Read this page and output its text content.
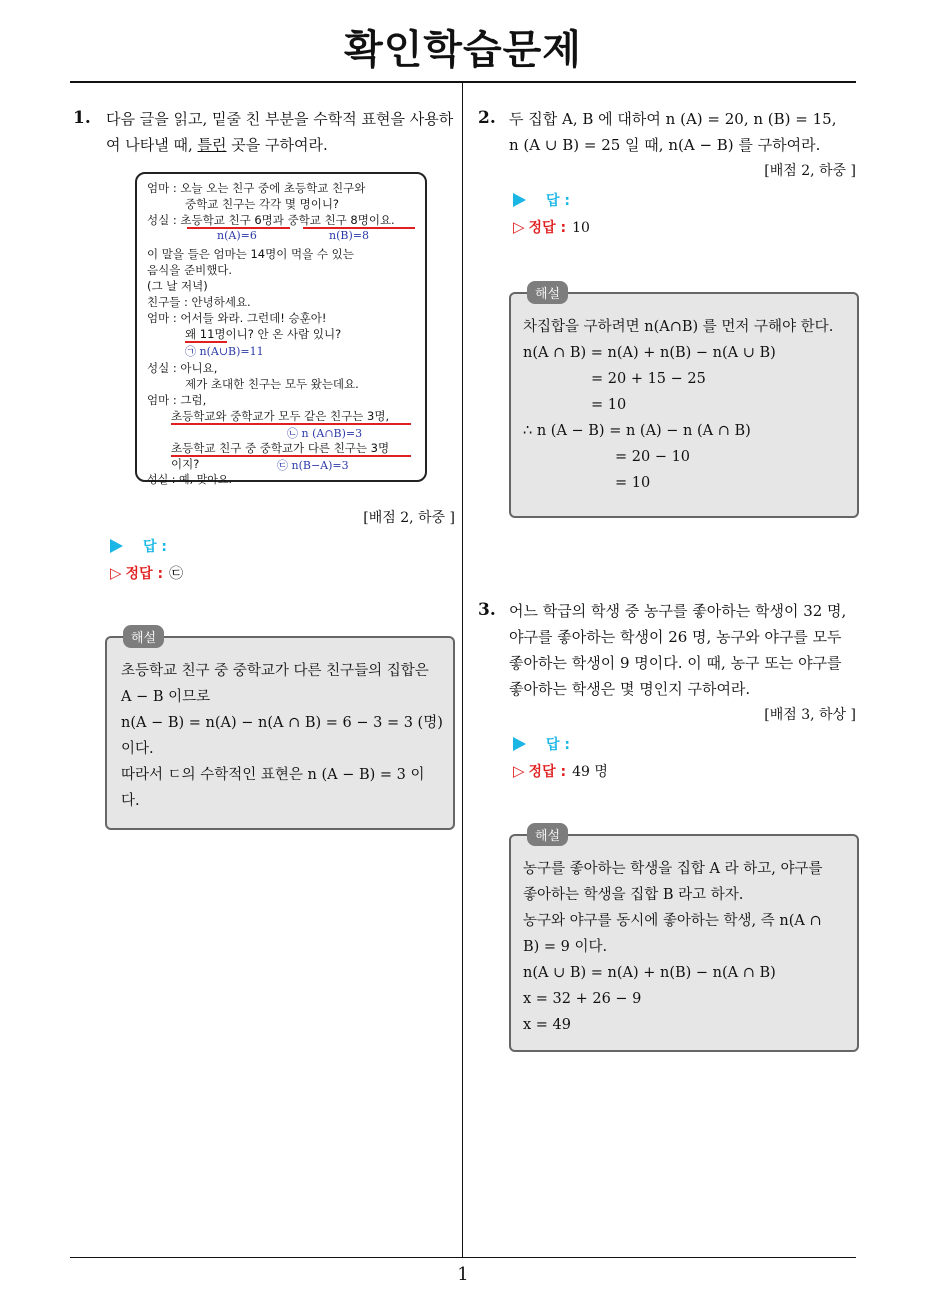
확인학습문제
1
1. 다음 글을 읽고, 밑줄 친 부분을 수학적 표현을 사용하
여 나타낼 때, 틀린 곳을 구하여라.
엄마 : 오늘 오는 친구 중에 초등학교 친구와
중학교 친구는 각각 몇 명이니?
성실 : 초등학교 친구 6명과 중학교 친구 8명이요.
n(A)=6	n(B)=8
이 말을 들은 엄마는 14명이 먹을 수 있는
음식을 준비했다.
(그 날 저녁)
친구들 : 안녕하세요.
엄마 : 어서들 와라. 그런데! 승훈아!
왜 11명이니? 안 온 사람 있니?
㉠ n(A∪B)=11
성실 : 아니요,
제가 초대한 친구는 모두 왔는데요.
엄마 : 그럼,
초등학교와 중학교가 모두 같은 친구는 3명,
㉡ n (A∩B)=3
초등학교 친구 중 중학교가 다른 친구는 3명
이지?	㉢ n(B−A)=3
성실 : 예, 맞아요.
[배점 2, 하중 ]
답 :
▷ 정답 : ㉢
해설
초등학교 친구 중 중학교가 다른 친구들의 집합은
A − B 이므로
n(A − B) = n(A) − n(A ∩ B) = 6 − 3 = 3 (명)
이다.
따라서 ㄷ의 수학적인 표현은 n (A − B) = 3 이
다.
2. 두 집합 A, B 에 대하여 n (A) = 20, n (B) = 15,
n (A ∪ B) = 25 일 때, n(A − B) 를 구하여라.
[배점 2, 하중 ]
답 :
▷ 정답 : 10
해설
차집합을 구하려면 n(A∩B) 를 먼저 구해야 한다.
n(A ∩ B) = n(A) + n(B) − n(A ∪ B)
= 20 + 15 − 25
= 10
∴ n (A − B) = n (A) − n (A ∩ B)
= 20 − 10
= 10
3. 어느 학급의 학생 중 농구를 좋아하는 학생이 32 명,
야구를 좋아하는 학생이 26 명, 농구와 야구를 모두
좋아하는 학생이 9 명이다. 이 때, 농구 또는 야구를
좋아하는 학생은 몇 명인지 구하여라.
[배점 3, 하상 ]
답 :
▷ 정답 : 49 명
해설
농구를 좋아하는 학생을 집합 A 라 하고, 야구를
좋아하는 학생을 집합 B 라고 하자.
농구와 야구를 동시에 좋아하는 학생, 즉 n(A ∩
B) = 9 이다.
n(A ∪ B) = n(A) + n(B) − n(A ∩ B)
x = 32 + 26 − 9
x = 49
